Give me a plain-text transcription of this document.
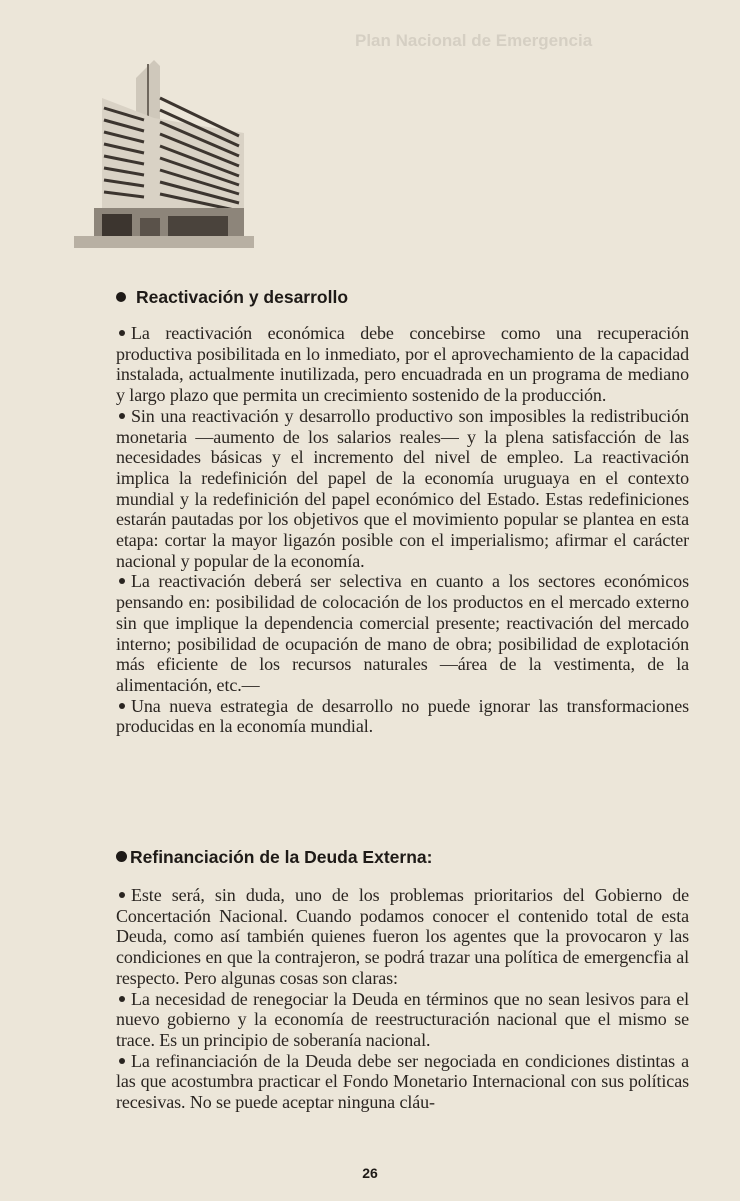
Plan Nacional de Emergencia
Reactivación y desarrollo

La reactivación económica debe concebirse como una recuperación productiva posibilitada en lo inmediato, por el aprovechamiento de la capacidad instalada, actualmente inutilizada, pero encuadrada en un programa de mediano y largo plazo que permita un crecimiento sostenido de la producción.

Sin una reactivación y desarrollo productivo son imposibles la redistribución monetaria —aumento de los salarios reales— y la plena satisfacción de las necesidades básicas y el incremento del nivel de empleo. La reactivación implica la redefinición del papel de la economía uruguaya en el contexto mundial y la redefinición del papel económico del Estado. Estas redefiniciones estarán pautadas por los objetivos que el movimiento popular se plantea en esta etapa: cortar la mayor ligazón posible con el imperialismo; afirmar el carácter nacional y popular de la economía.

La reactivación deberá ser selectiva en cuanto a los sectores económicos pensando en: posibilidad de colocación de los productos en el mercado externo sin que implique la dependencia comercial presente; reactivación del mercado interno; posibilidad de ocupación de mano de obra; posibilidad de explotación más eficiente de los recursos naturales —área de la vestimenta, de la alimentación, etc.—

Una nueva estrategia de desarrollo no puede ignorar las transformaciones producidas en la economía mundial.

Refinanciación de la Deuda Externa:

Este será, sin duda, uno de los problemas prioritarios del Gobierno de Concertación Nacional. Cuando podamos conocer el contenido total de esta Deuda, como así también quienes fueron los agentes que la provocaron y las condiciones en que la contrajeron, se podrá trazar una política de emergencfia al respecto. Pero algunas cosas son claras:

La necesidad de renegociar la Deuda en términos que no sean lesivos para el nuevo gobierno y la economía de reestructuración nacional que el mismo se trace. Es un principio de soberanía nacional.

La refinanciación de la Deuda debe ser negociada en condiciones distintas a las que acostumbra practicar el Fondo Monetario Internacional con sus políticas recesivas. No se puede aceptar ninguna cláu-

26
